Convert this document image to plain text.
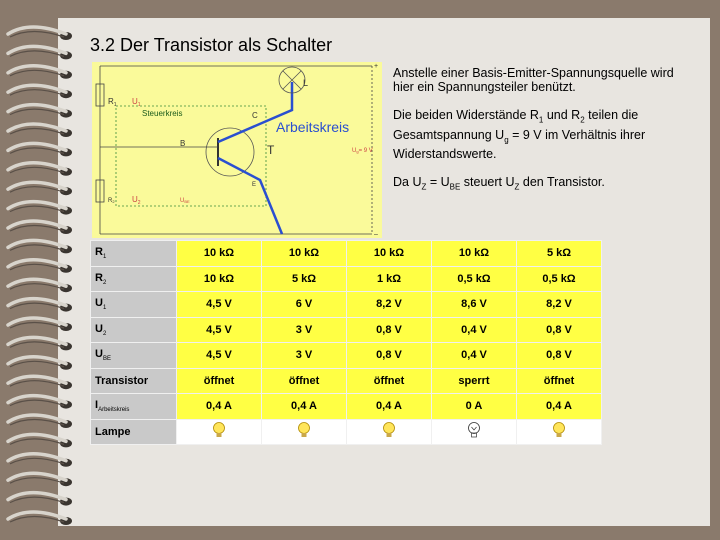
3.2 Der Transistor als Schalter

Anstelle einer Basis-Emitter-Spannungsquelle wird hier ein Spannungsteiler benützt.

Die beiden Widerstände $R_1$ und $R_2$ teilen die Gesamtspannung $U_g = 9$ V im Verhältnis ihrer Widerstandswerte.

Da $U_Z = U_{BE}$ steuert $U_Z$ den Transistor.

$R_1$ $U_1$
Steuerkreis	C
Arbeitskreis
B	T
E
Ug= 9 V
R2 $U_2$	UBE
+
–
L
$R_1$	10 kΩ	10 kΩ	10 kΩ	10 kΩ	5 kΩ
$R_2$	10 kΩ	5 kΩ	1 kΩ	0,5 kΩ	0,5 kΩ
$U_1$	4,5 V	6 V	8,2 V	8,6 V	8,2 V
$U_2$	4,5 V	3 V	0,8 V	0,4 V	0,8 V
$U_{BE}$	4,5 V	3 V	0,8 V	0,4 V	0,8 V
Transistor	öffnet	öffnet	öffnet	sperrt	öffnet
$I_{Arbeitskreis}$	0,4 A	0,4 A	0,4 A	0 A	0,4 A
Lampe					
